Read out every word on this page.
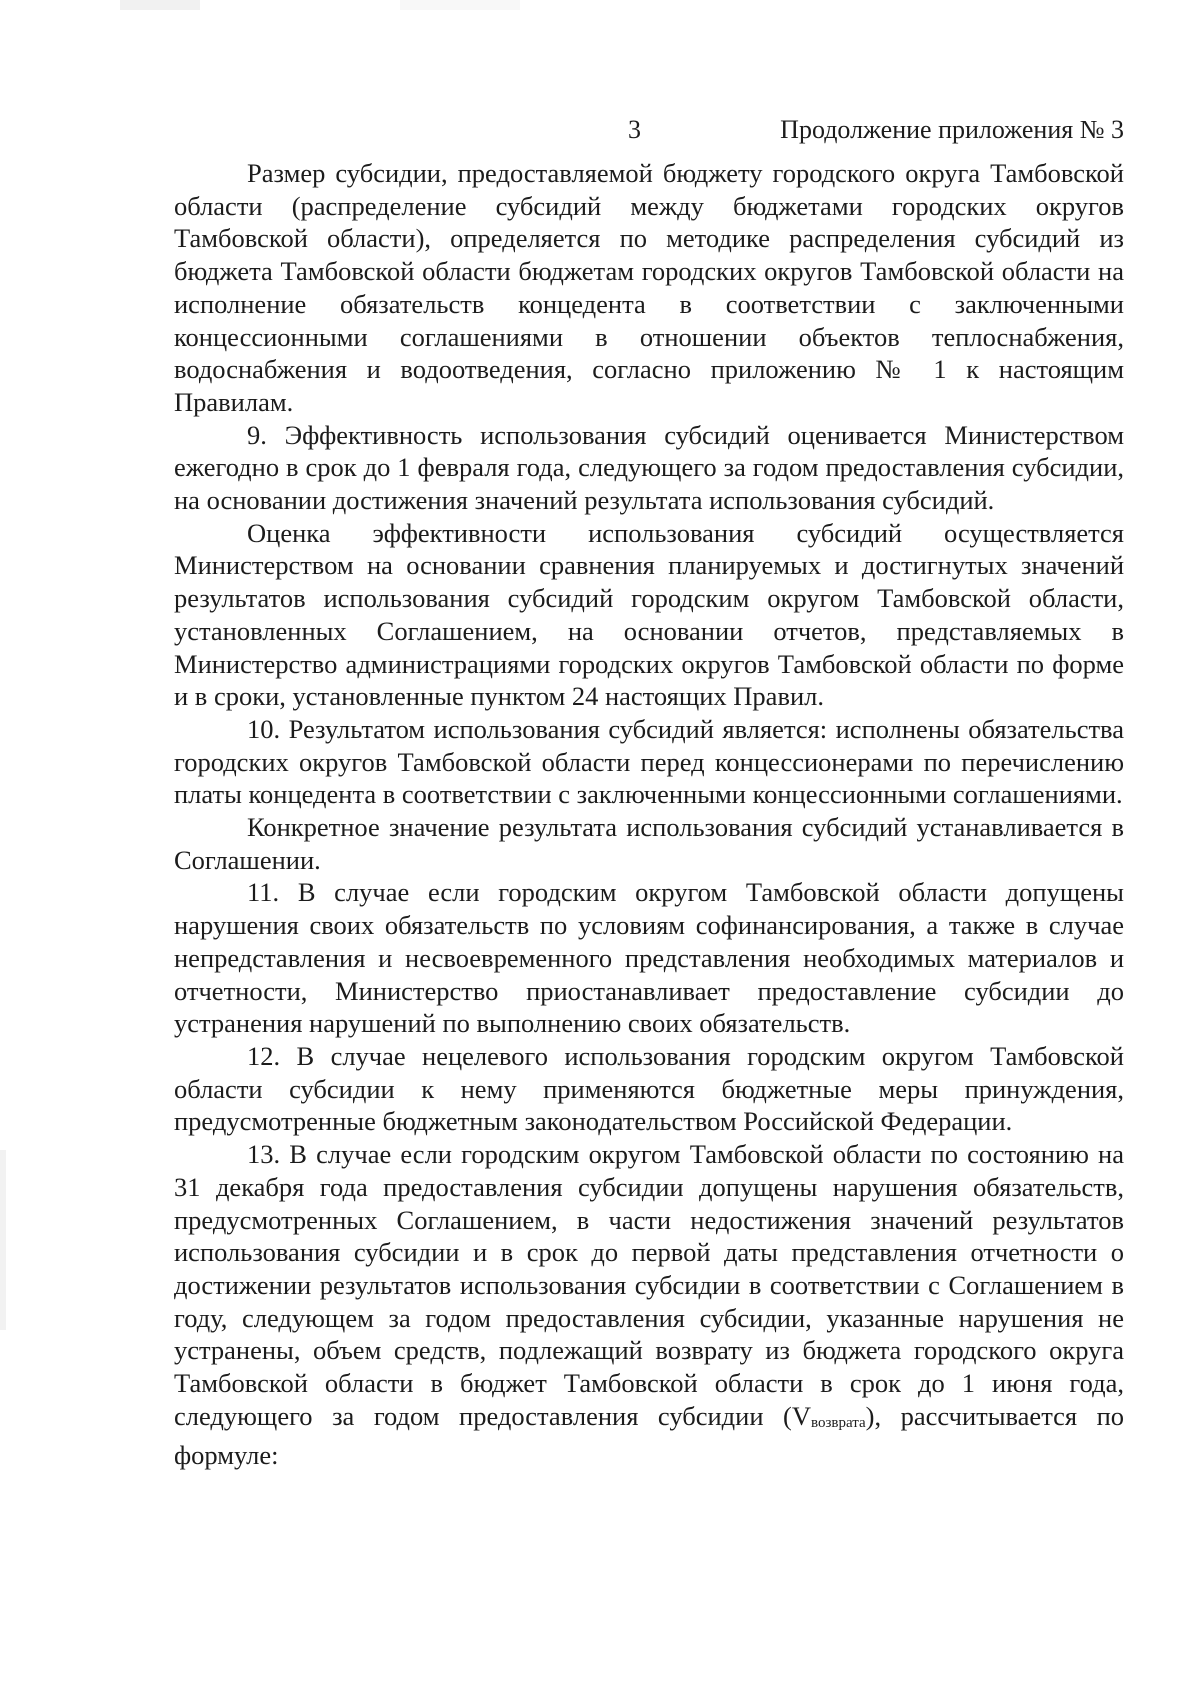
3	Продолжение приложения № 3

Размер субсидии, предоставляемой бюджету городского округа Тамбовской области (распределение субсидий между бюджетами городских округов Тамбовской области), определяется по методике распределения субсидий из бюджета Тамбовской области бюджетам городских округов Тамбовской области на исполнение обязательств концедента в соответствии с заключенными концессионными соглашениями в отношении объектов теплоснабжения, водоснабжения и водоотведения, согласно приложению № 1 к настоящим Правилам.

9. Эффективность использования субсидий оценивается Министерством ежегодно в срок до 1 февраля года, следующего за годом предоставления субсидии, на основании достижения значений результата использования субсидий.

Оценка эффективности использования субсидий осуществляется Министерством на основании сравнения планируемых и достигнутых значений результатов использования субсидий городским округом Тамбовской области, установленных Соглашением, на основании отчетов, представляемых в Министерство администрациями городских округов Тамбовской области по форме и в сроки, установленные пунктом 24 настоящих Правил.

10. Результатом использования субсидий является: исполнены обязательства городских округов Тамбовской области перед концессионерами по перечислению платы концедента в соответствии с заключенными концессионными соглашениями.

Конкретное значение результата использования субсидий устанавливается в Соглашении.

11. В случае если городским округом Тамбовской области допущены нарушения своих обязательств по условиям софинансирования, а также в случае непредставления и несвоевременного представления необходимых материалов и отчетности, Министерство приостанавливает предоставление субсидии до устранения нарушений по выполнению своих обязательств.

12. В случае нецелевого использования городским округом Тамбовской области субсидии к нему применяются бюджетные меры принуждения, предусмотренные бюджетным законодательством Российской Федерации.

13. В случае если городским округом Тамбовской области по состоянию на 31 декабря года предоставления субсидии допущены нарушения обязательств, предусмотренных Соглашением, в части недостижения значений результатов использования субсидии и в срок до первой даты представления отчетности о достижении результатов использования субсидии в соответствии с Соглашением в году, следующем за годом предоставления субсидии, указанные нарушения не устранены, объем средств, подлежащий возврату из бюджета городского округа Тамбовской области в бюджет Тамбовской области в срок до 1 июня года, следующего за годом предоставления субсидии (Vвозврата), рассчитывается по формуле:
